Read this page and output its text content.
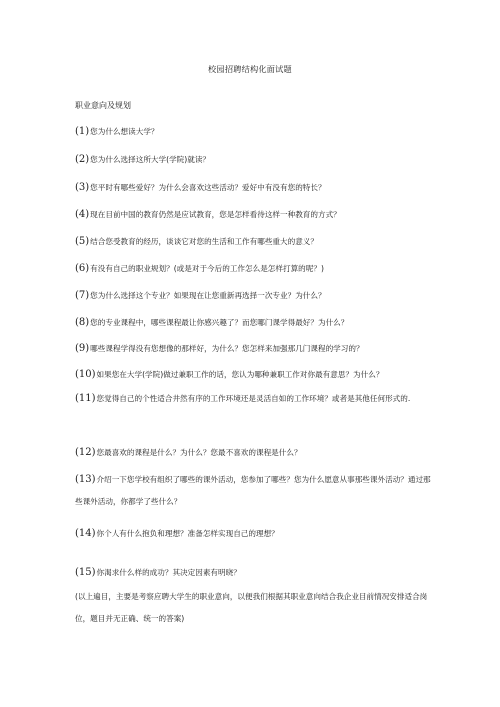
校园招聘结构化面试题
职业意向及规划
(1)您为什么想读大学？
(2)您为什么选择这所大学(学院)就读？
(3)您平时有哪些爱好？为什么会喜欢这些活动？爱好中有没有您的特长？
(4)现在目前中国的教育仍然是应试教育，您是怎样看待这样一种教育的方式？
(5)结合您受教育的经历，谈谈它对您的生活和工作有哪些重大的意义？
(6)有没有自己的职业规划？(或是对于今后的工作怎么是怎样打算的呢？)
(7)您为什么选择这个专业？如果现在让您重新再选择一次专业？为什么？
(8)您的专业课程中，哪些课程最让你感兴趣了？而您哪门课学得最好？为什么？
(9)哪些课程学得没有您想像的那样好，为什么？您怎样来加强那几门课程的学习的？
(10)如果您在大学(学院)做过兼职工作的话，您认为哪种兼职工作对你最有意思？为什么？
(11)您觉得自己的个性适合井然有序的工作环境还是灵活自如的工作环境？或者是其他任何形式的.
(12)您最喜欢的课程是什么？为什么？您最不喜欢的课程是什么？
(13)介绍一下您学校有组织了哪些的课外活动，您参加了哪些？您为什么愿意从事那些课外活动？通过那些课外活动，你都学了些什么？
(14)你个人有什么抱负和理想？准备怎样实现自己的理想？
(15)你渴求什么样的成功？其决定因素有明晓？
(以上遍目，主要是考察应聘大学生的职业意向，以便我们根据其职业意向结合我企业目前情况安排适合岗位，题目并无正确、统一的答案)
